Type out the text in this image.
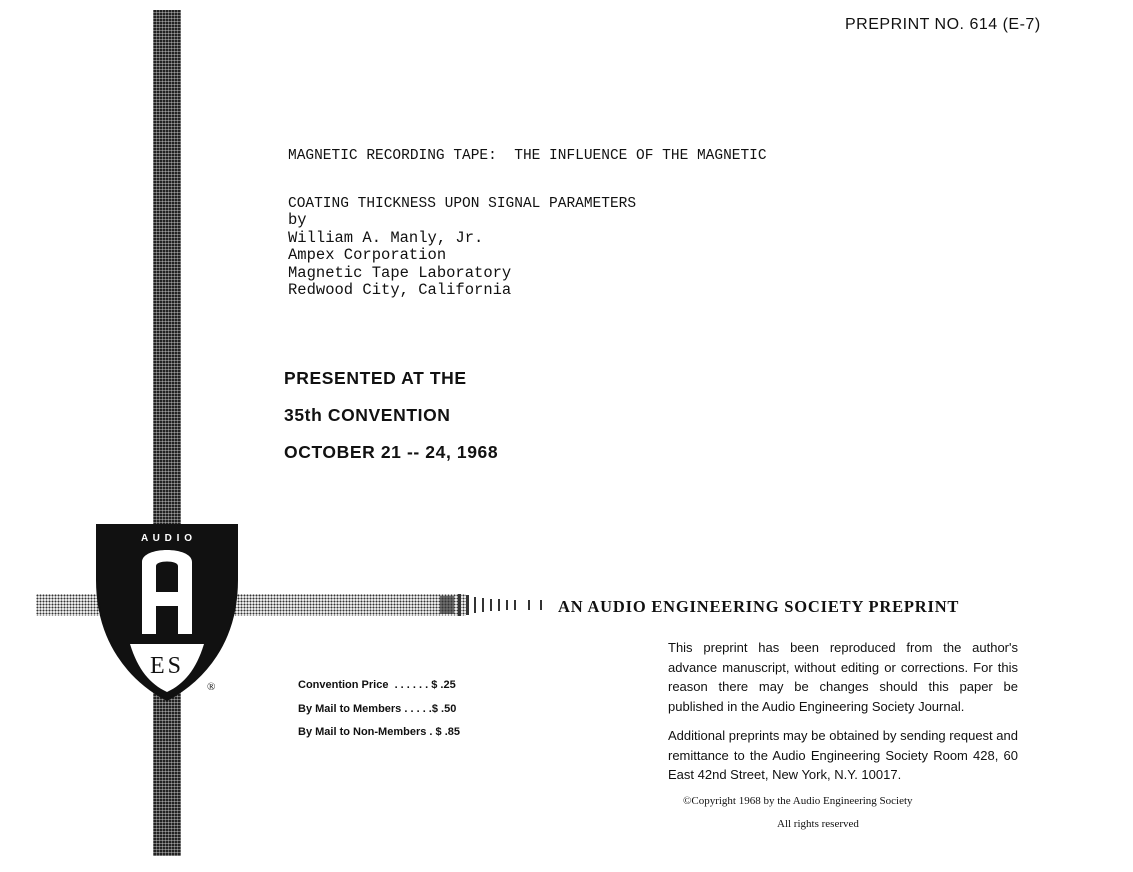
A U D I O
ES
®
PREPRINT NO. 614 (E-7)

MAGNETIC RECORDING TAPE:  THE INFLUENCE OF THE MAGNETIC

COATING THICKNESS UPON SIGNAL PARAMETERS

by
William A. Manly, Jr.
Ampex Corporation
Magnetic Tape Laboratory
Redwood City, California
PRESENTED AT THE
35th CONVENTION
OCTOBER 21 -- 24, 1968
AN AUDIO ENGINEERING SOCIETY PREPRINT
Convention Price  . . . . . . $ .25
By Mail to Members . . . . .$ .50
By Mail to Non-Members . $ .85

This preprint has been reproduced from the author's advance manuscript, without editing or corrections. For this reason there may be changes should this paper be published in the Audio Engineering Society Journal.

Additional preprints may be obtained by sending request and remittance to the Audio Engineering Society Room 428, 60 East 42nd Street, New York, N.Y. 10017.

©Copyright 1968 by the Audio Engineering Society
All rights reserved
